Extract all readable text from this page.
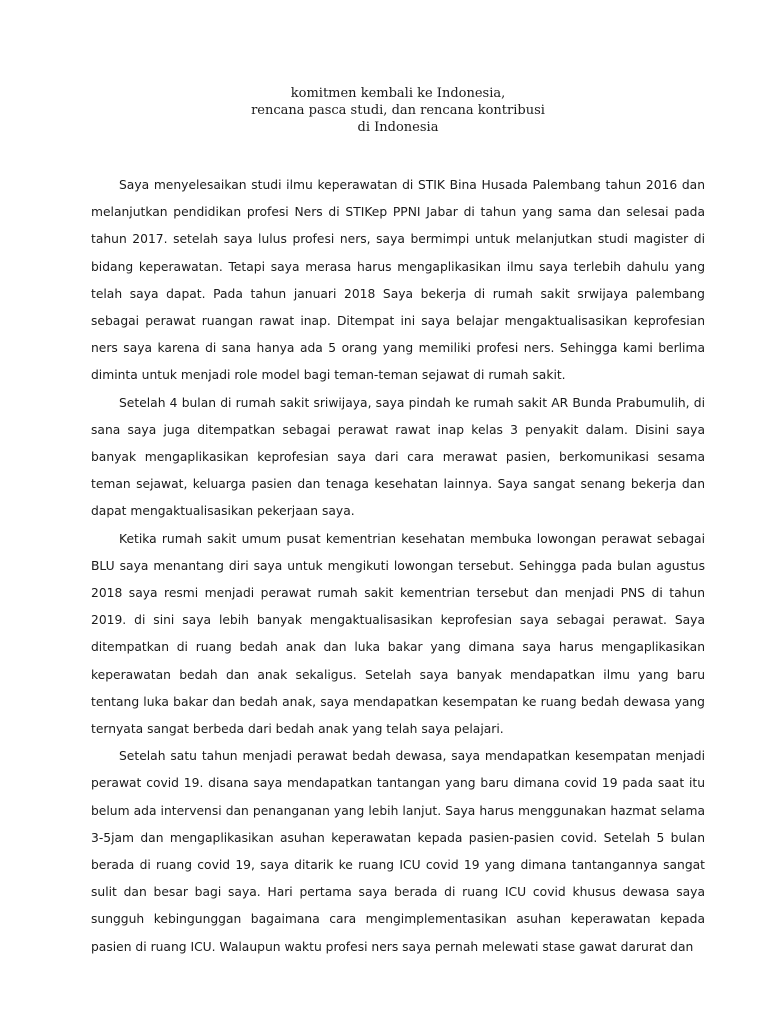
komitmen kembali ke Indonesia,
rencana pasca studi, dan rencana kontribusi
di Indonesia

Saya menyelesaikan studi ilmu keperawatan di STIK Bina Husada Palembang tahun 2016 dan melanjutkan pendidikan profesi Ners di STIKep PPNI Jabar di tahun yang sama dan selesai pada tahun 2017. setelah saya lulus profesi ners, saya bermimpi untuk melanjutkan studi magister di bidang keperawatan. Tetapi saya merasa harus mengaplikasikan ilmu saya terlebih dahulu yang telah saya dapat. Pada tahun januari 2018 Saya bekerja di rumah sakit srwijaya palembang sebagai perawat ruangan rawat inap. Ditempat ini saya belajar mengaktualisasikan keprofesian ners saya karena di sana hanya ada 5 orang yang memiliki profesi ners. Sehingga kami berlima diminta untuk menjadi role model bagi teman-teman sejawat di rumah sakit.

Setelah 4 bulan di rumah sakit sriwijaya, saya pindah ke rumah sakit AR Bunda Prabumulih, di sana saya juga ditempatkan sebagai perawat rawat inap kelas 3 penyakit dalam. Disini saya banyak mengaplikasikan keprofesian saya dari cara merawat pasien, berkomunikasi sesama teman sejawat, keluarga pasien dan tenaga kesehatan lainnya. Saya sangat senang bekerja dan dapat mengaktualisasikan pekerjaan saya.

Ketika rumah sakit umum pusat kementrian kesehatan membuka lowongan perawat sebagai BLU saya menantang diri saya untuk mengikuti lowongan tersebut. Sehingga pada bulan agustus 2018 saya resmi menjadi perawat rumah sakit kementrian tersebut dan menjadi PNS di tahun 2019. di sini saya lebih banyak mengaktualisasikan keprofesian saya sebagai perawat. Saya ditempatkan di ruang bedah anak dan luka bakar yang dimana saya harus mengaplikasikan keperawatan bedah dan anak sekaligus. Setelah saya banyak mendapatkan ilmu yang baru tentang luka bakar dan bedah anak, saya mendapatkan kesempatan ke ruang bedah dewasa yang ternyata sangat berbeda dari bedah anak yang telah saya pelajari.

Setelah satu tahun menjadi perawat bedah dewasa, saya mendapatkan kesempatan menjadi perawat covid 19. disana saya mendapatkan tantangan yang baru dimana covid 19 pada saat itu belum ada intervensi dan penanganan yang lebih lanjut. Saya harus menggunakan hazmat selama 3-5jam dan mengaplikasikan asuhan keperawatan kepada pasien-pasien covid. Setelah 5 bulan berada di ruang covid 19, saya ditarik ke ruang ICU covid 19 yang dimana tantangannya sangat sulit dan besar bagi saya. Hari pertama saya berada di ruang ICU covid khusus dewasa saya sungguh kebingunggan bagaimana cara mengimplementasikan asuhan keperawatan kepada pasien di ruang ICU. Walaupun waktu profesi ners saya pernah melewati stase gawat darurat dan
